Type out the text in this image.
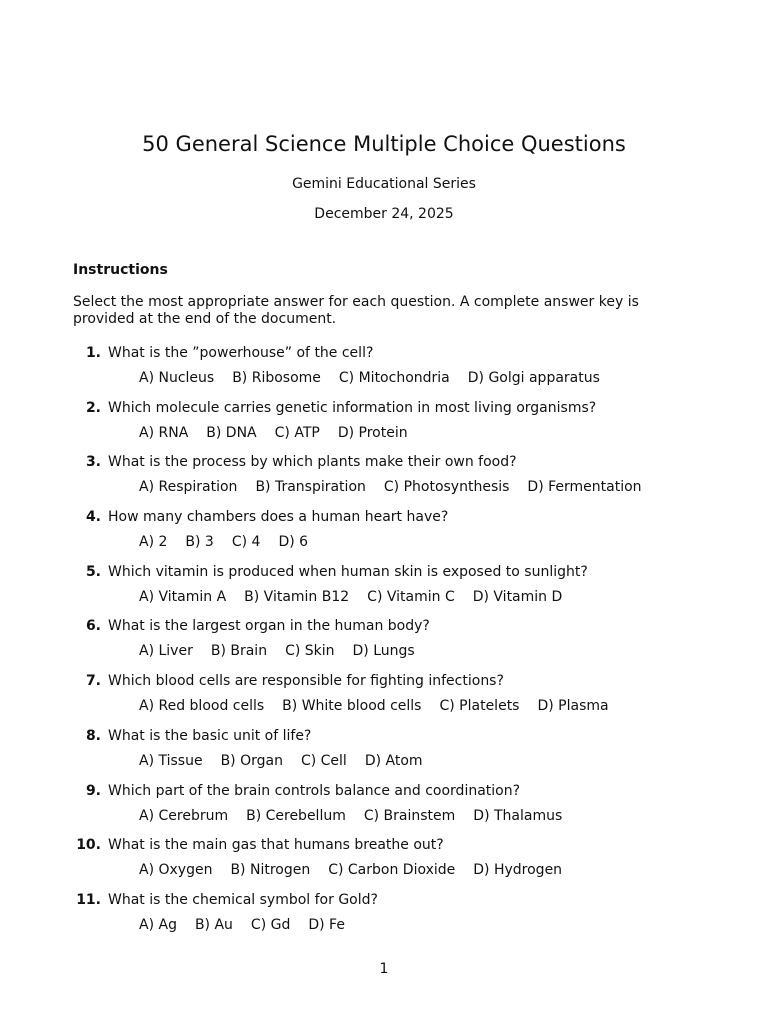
50 General Science Multiple Choice Questions
Gemini Educational Series
December 24, 2025
Instructions

Select the most appropriate answer for each question. A complete answer key is provided at the end of the document.

1. What is the ”powerhouse” of the cell?
A) Nucleus B) Ribosome C) Mitochondria D) Golgi apparatus
2. Which molecule carries genetic information in most living organisms?
A) RNA B) DNA C) ATP D) Protein
3. What is the process by which plants make their own food?
A) Respiration B) Transpiration C) Photosynthesis D) Fermentation
4. How many chambers does a human heart have?
A) 2 B) 3 C) 4 D) 6
5. Which vitamin is produced when human skin is exposed to sunlight?
A) Vitamin A B) Vitamin B12 C) Vitamin C D) Vitamin D
6. What is the largest organ in the human body?
A) Liver B) Brain C) Skin D) Lungs
7. Which blood cells are responsible for fighting infections?
A) Red blood cells B) White blood cells C) Platelets D) Plasma
8. What is the basic unit of life?
A) Tissue B) Organ C) Cell D) Atom
9. Which part of the brain controls balance and coordination?
A) Cerebrum B) Cerebellum C) Brainstem D) Thalamus
10. What is the main gas that humans breathe out?
A) Oxygen B) Nitrogen C) Carbon Dioxide D) Hydrogen
11. What is the chemical symbol for Gold?
A) Ag B) Au C) Gd D) Fe
1
